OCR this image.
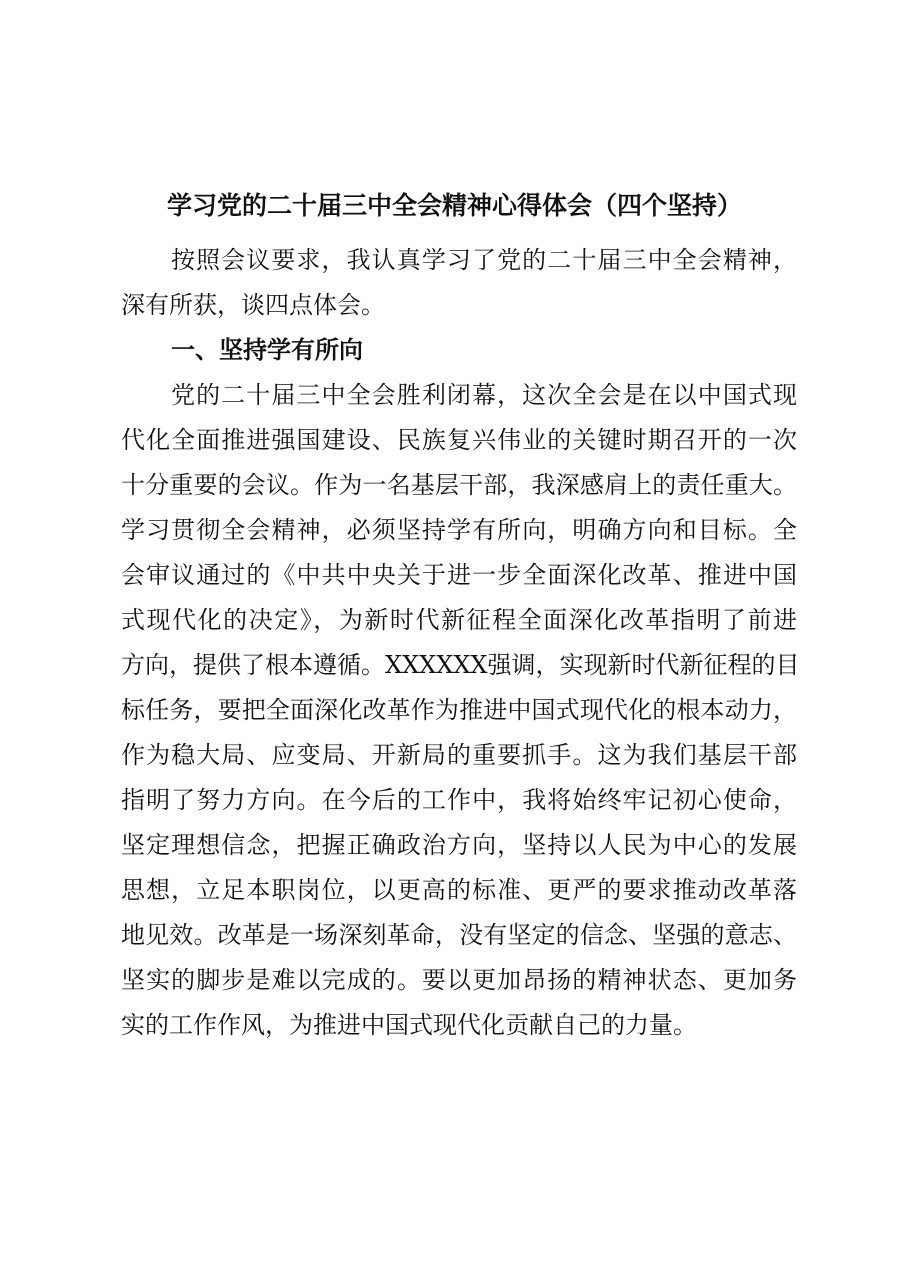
学习党的二十届三中全会精神心得体会（四个坚持）
按照会议要求，我认真学习了党的二十届三中全会精神，
深有所获，谈四点体会。
一、坚持学有所向
党的二十届三中全会胜利闭幕，这次全会是在以中国式现
代化全面推进强国建设、民族复兴伟业的关键时期召开的一次
十分重要的会议。作为一名基层干部，我深感肩上的责任重大。
学习贯彻全会精神，必须坚持学有所向，明确方向和目标。全
会审议通过的《中共中央关于进一步全面深化改革、推进中国
式现代化的决定》，为新时代新征程全面深化改革指明了前进
方向，提供了根本遵循。XXXXXX强调，实现新时代新征程的目
标任务，要把全面深化改革作为推进中国式现代化的根本动力，
作为稳大局、应变局、开新局的重要抓手。这为我们基层干部
指明了努力方向。在今后的工作中，我将始终牢记初心使命，
坚定理想信念，把握正确政治方向，坚持以人民为中心的发展
思想，立足本职岗位，以更高的标准、更严的要求推动改革落
地见效。改革是一场深刻革命，没有坚定的信念、坚强的意志、
坚实的脚步是难以完成的。要以更加昂扬的精神状态、更加务
实的工作作风，为推进中国式现代化贡献自己的力量。
